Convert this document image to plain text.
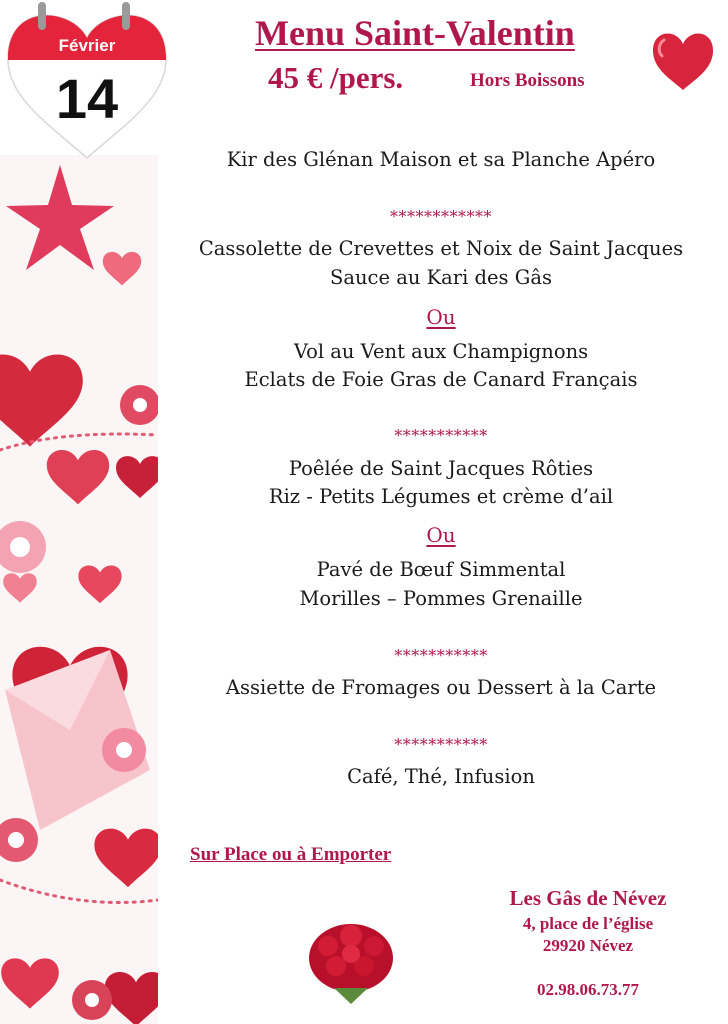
Février
14
Menu Saint-Valentin
45 € /pers.	Hors Boissons
Kir des Glénan Maison et sa Planche Apéro
************
Cassolette de Crevettes et Noix de Saint Jacques
Sauce au Kari des Gâs
Ou
Vol au Vent aux Champignons
Eclats de Foie Gras de Canard Français
***********
Poêlée de Saint Jacques Rôties
Riz - Petits Légumes et crème d’ail
Ou
Pavé de Bœuf Simmental
Morilles – Pommes Grenaille
***********
Assiette de Fromages ou Dessert à la Carte
***********
Café, Thé, Infusion
Sur Place ou à Emporter
Les Gâs de Névez
4, place de l’église
29920 Névez
02.98.06.73.77
